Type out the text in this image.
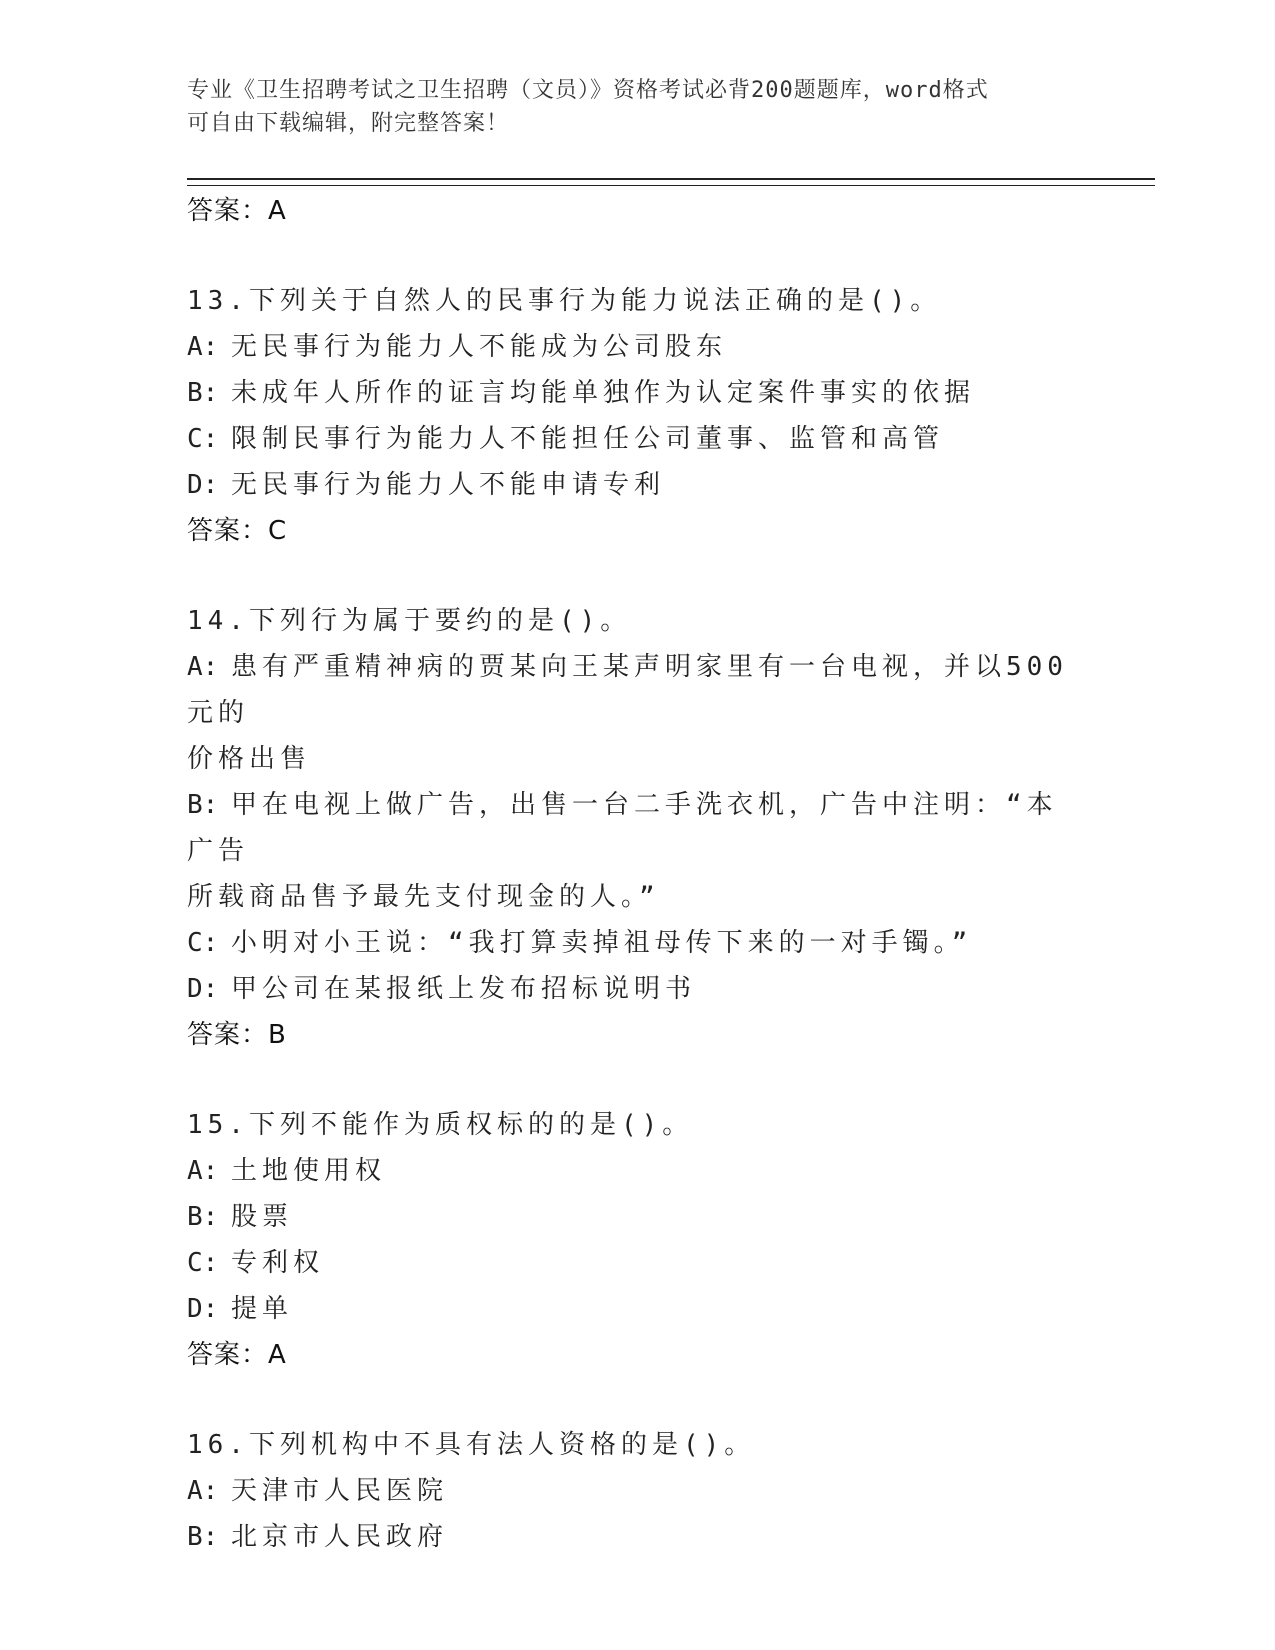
专业《卫生招聘考试之卫生招聘（文员）》资格考试必背200题题库，word格式
可自由下载编辑，附完整答案！
答案：A
13.下列关于自然人的民事行为能力说法正确的是()。
A: 无民事行为能力人不能成为公司股东
B: 未成年人所作的证言均能单独作为认定案件事实的依据
C: 限制民事行为能力人不能担任公司董事、监管和高管
D: 无民事行为能力人不能申请专利
答案：C
14.下列行为属于要约的是()。
A: 患有严重精神病的贾某向王某声明家里有一台电视，并以500元的
价格出售
B: 甲在电视上做广告，出售一台二手洗衣机，广告中注明：“本广告
所载商品售予最先支付现金的人。”
C: 小明对小王说：“我打算卖掉祖母传下来的一对手镯。”
D: 甲公司在某报纸上发布招标说明书
答案：B
15.下列不能作为质权标的的是()。
A: 土地使用权
B: 股票
C: 专利权
D: 提单
答案：A
16.下列机构中不具有法人资格的是()。
A: 天津市人民医院
B: 北京市人民政府
